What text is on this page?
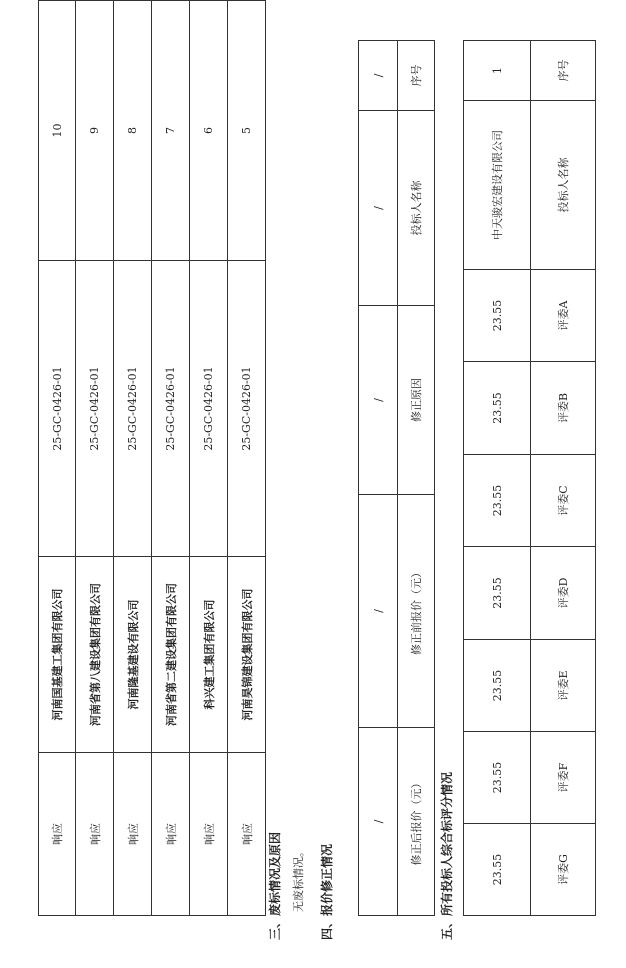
响应	河南国基建工集团有限公司	25-GC-0426-01	10
响应	河南省第八建设集团有限公司	25-GC-0426-01	9
响应	河南隆基建设有限公司	25-GC-0426-01	8
响应	河南省第二建设集团有限公司	25-GC-0426-01	7
响应	科兴建工集团有限公司	25-GC-0426-01	6
响应	河南昊锦建设集团有限公司	25-GC-0426-01	5
三、废标情况及原因 无废标情况。 四、报价修正情况
/	/	/	/	/
修正后报价（元）	修正前报价（元）	修正原因	投标人名称	序号
五、所有投标人综合标评分情况	23.55	23.55	23.55	23.55	23.55	23.55	23.55	中天骏宏建设有限公司	1
评委G	评委F	评委E	评委D	评委C	评委B	评委A	投标人名称	序号
